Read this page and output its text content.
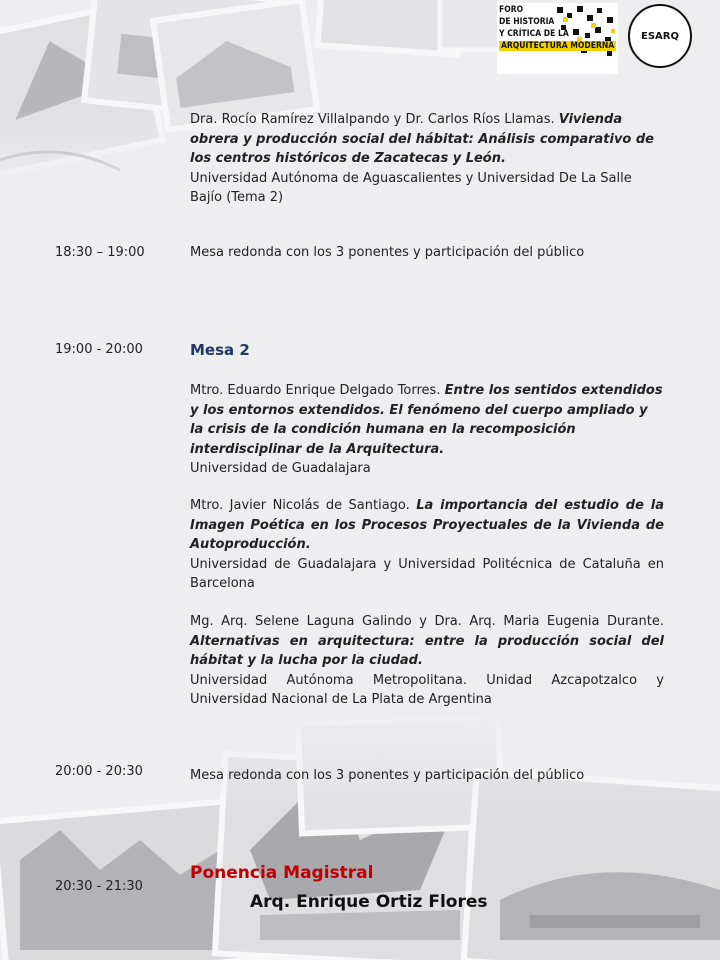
FORO
DE HISTORIA
Y CRÍTICA DE LA
ARQUITECTURA MODERNA
ESARQ
Dra. Rocío Ramírez Villalpando y Dr. Carlos Ríos Llamas. Vivienda obrera y producción social del hábitat: Análisis comparativo de los centros históricos de Zacatecas y León.
Universidad Autónoma de Aguascalientes y Universidad De La Salle Bajío (Tema 2)
18:30 – 19:00	Mesa redonda con los 3 ponentes y participación del público
19:00 - 20:00	Mesa 2
Mtro. Eduardo Enrique Delgado Torres. Entre los sentidos extendidos y los entornos extendidos. El fenómeno del cuerpo ampliado y la crisis de la condición humana en la recomposición interdisciplinar de la Arquitectura.
Universidad de Guadalajara
Mtro. Javier Nicolás de Santiago. La importancia del estudio de la Imagen Poética en los Procesos Proyectuales de la Vivienda de Autoproducción.
Universidad de Guadalajara y Universidad Politécnica de Cataluña en Barcelona
Mg. Arq. Selene Laguna Galindo y Dra. Arq. Maria Eugenia Durante. Alternativas en arquitectura: entre la producción social del hábitat y la lucha por la ciudad.
Universidad Autónoma Metropolitana. Unidad Azcapotzalco y Universidad Nacional de La Plata de Argentina
20:00 - 20:30	Mesa redonda con los 3 ponentes y participación del público
20:30 - 21:30
Ponencia Magistral
Arq. Enrique Ortiz Flores
